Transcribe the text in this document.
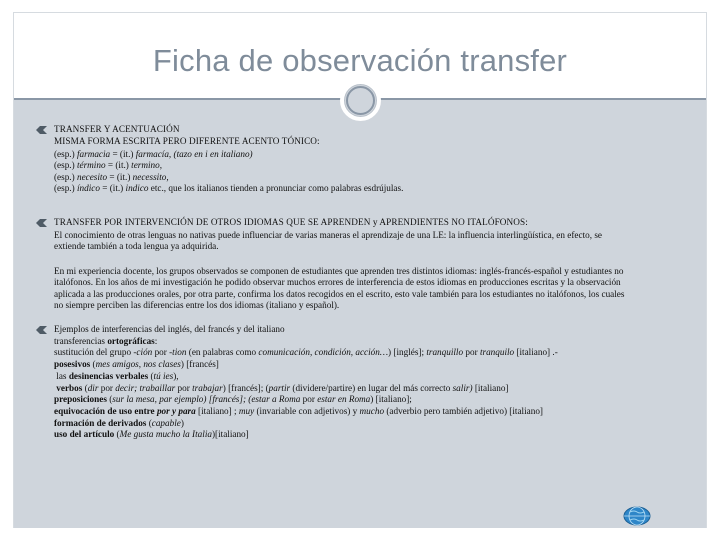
Ficha de observación transfer
TRANSFER Y ACENTUACIÓN
MISMA FORMA ESCRITA PERO DIFERENTE ACENTO TÓNICO:
(esp.) farmacia = (it.) farmacía, (tazo en i en italiano)
(esp.) término = (it.) termino,
(esp.) necesito = (it.) necessito,
(esp.) índico = (it.) indico etc., que los italianos tienden a pronunciar como palabras esdrújulas.
TRANSFER POR INTERVENCIÓN DE OTROS IDIOMAS QUE SE APRENDEN y APRENDIENTES NO ITALÓFONOS:
El conocimiento de otras lenguas no nativas puede influenciar de varias maneras el aprendizaje de una LE: la influencia interlingüística, en efecto, se
extiende también a toda lengua ya adquirida.
En mi experiencia docente, los grupos observados se componen de estudiantes que aprenden tres distintos idiomas: inglés-francés-español y estudiantes no
italófonos. En los años de mi investigación he podido observar muchos errores de interferencia de estos idiomas en producciones escritas y la observación
aplicada a las producciones orales, por otra parte, confirma los datos recogidos en el escrito, esto vale también para los estudiantes no italófonos, los cuales
no siempre perciben las diferencias entre los dos idiomas (italiano y español).
Ejemplos de interferencias del inglés, del francés y del italiano
transferencias ortográficas:
sustitución del grupo -ción por -tion (en palabras como comunicación, condición, acción…) [inglés]; tranquillo por tranquilo [italiano] .-
posesivos (mes amigos, nos clases) [francés]
las desinencias verbales (tú ies),
verbos (dir por decir; trabaillar por trabajar) [francés]; (partir (dividere/partire) en lugar del más correcto salir) [italiano]
preposiciones (sur la mesa, par ejemplo) [francés]; (estar a Roma por estar en Roma) [italiano];
equivocación de uso entre por y para [italiano] ; muy (invariable con adjetivos) y mucho (adverbio pero también adjetivo) [italiano]
formación de derivados (capable)
uso del artículo (Me gusta mucho la Italia)[italiano]
